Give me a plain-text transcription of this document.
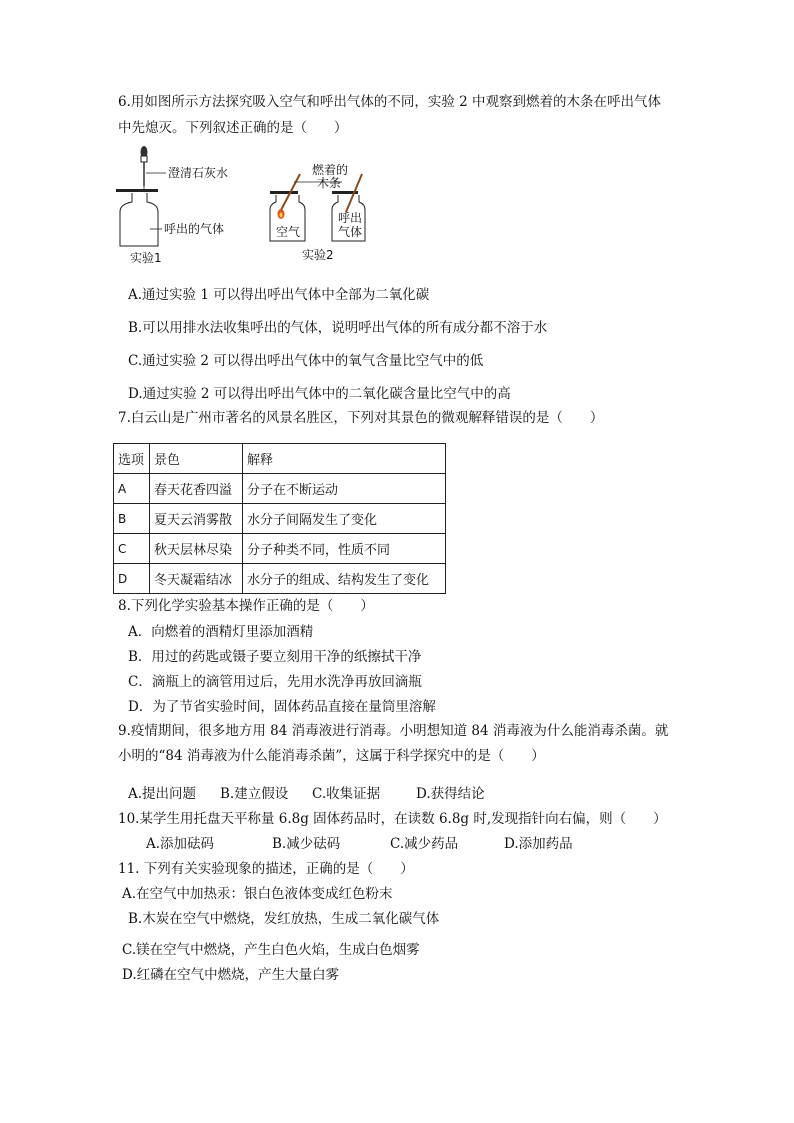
6.用如图所示方法探究吸入空气和呼出气体的不同，实验 2 中观察到燃着的木条在呼出气体
中先熄灭。下列叙述正确的是（　　）
澄清石灰水
呼出的气体
实验1
燃着的
木条
空气
呼出
气体
实验2
A.通过实验 1 可以得出呼出气体中全部为二氧化碳
B.可以用排水法收集呼出的气体，说明呼出气体的所有成分都不溶于水
C.通过实验 2 可以得出呼出气体中的氧气含量比空气中的低
D.通过实验 2 可以得出呼出气体中的二氧化碳含量比空气中的高
7.白云山是广州市著名的风景名胜区，下列对其景色的微观解释错误的是（　　）
选项	景色	解释
A	春天花香四溢	分子在不断运动
B	夏天云消雾散	水分子间隔发生了变化
C	秋天层林尽染	分子种类不同，性质不同
D	冬天凝霜结冰	水分子的组成、结构发生了变化
8.下列化学实验基本操作正确的是（　　）
A．向燃着的酒精灯里添加酒精
B．用过的药匙或镊子要立刻用干净的纸擦拭干净
C．滴瓶上的滴管用过后，先用水洗净再放回滴瓶
D．为了节省实验时间，固体药品直接在量筒里溶解
9.疫情期间，很多地方用 84 消毒液进行消毒。小明想知道 84 消毒液为什么能消毒杀菌。就
小明的“84 消毒液为什么能消毒杀菌”，这属于科学探究中的是（　　）
A.提出问题 B.建立假设 C.收集证据	D.获得结论
10.某学生用托盘天平称量 6.8g 固体药品时，在读数 6.8g 时,发现指针向右偏，则（　　）
A.添加砝码	B.减少砝码	C.减少药品	D.添加药品
11. 下列有关实验现象的描述，正确的是（　　）
A.在空气中加热汞：银白色液体变成红色粉末
B.木炭在空气中燃烧，发红放热，生成二氧化碳气体
C.镁在空气中燃烧，产生白色火焰，生成白色烟雾
D.红磷在空气中燃烧，产生大量白雾
